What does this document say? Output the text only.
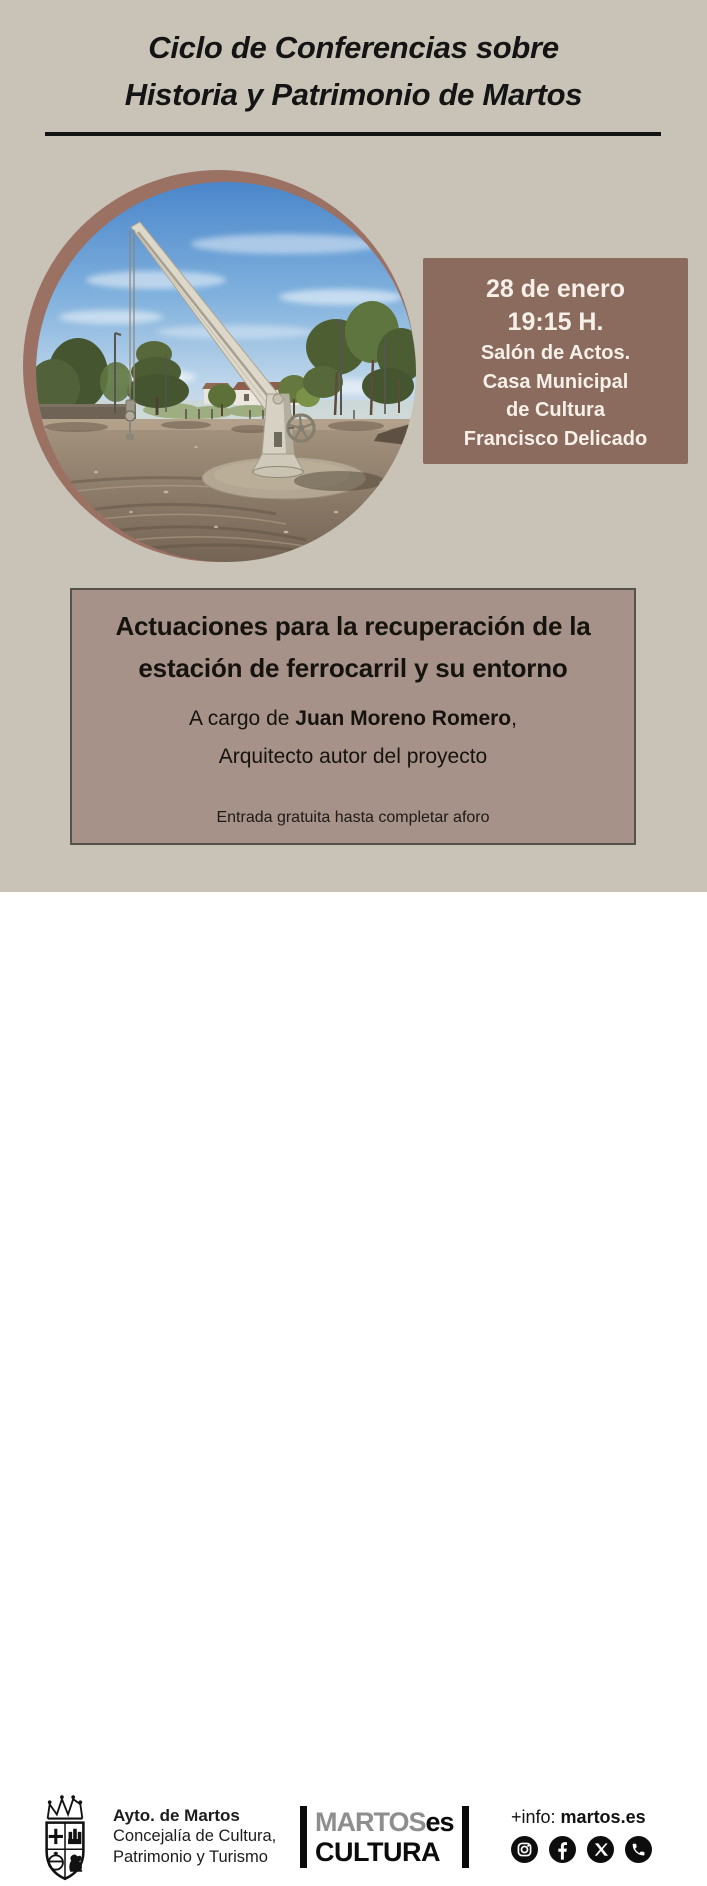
Ciclo de Conferencias sobre
Historia y Patrimonio de Martos
28 de enero
19:15 H.
Salón de Actos.
Casa Municipal
de Cultura
Francisco Delicado
Actuaciones para la recuperación de la
estación de ferrocarril y su entorno
A cargo de Juan Moreno Romero,
Arquitecto autor del proyecto
Entrada gratuita hasta completar aforo
Ayto. de Martos
Concejalía de Cultura,
Patrimonio y Turismo
MARTOSes
CULTURA
+info: martos.es
